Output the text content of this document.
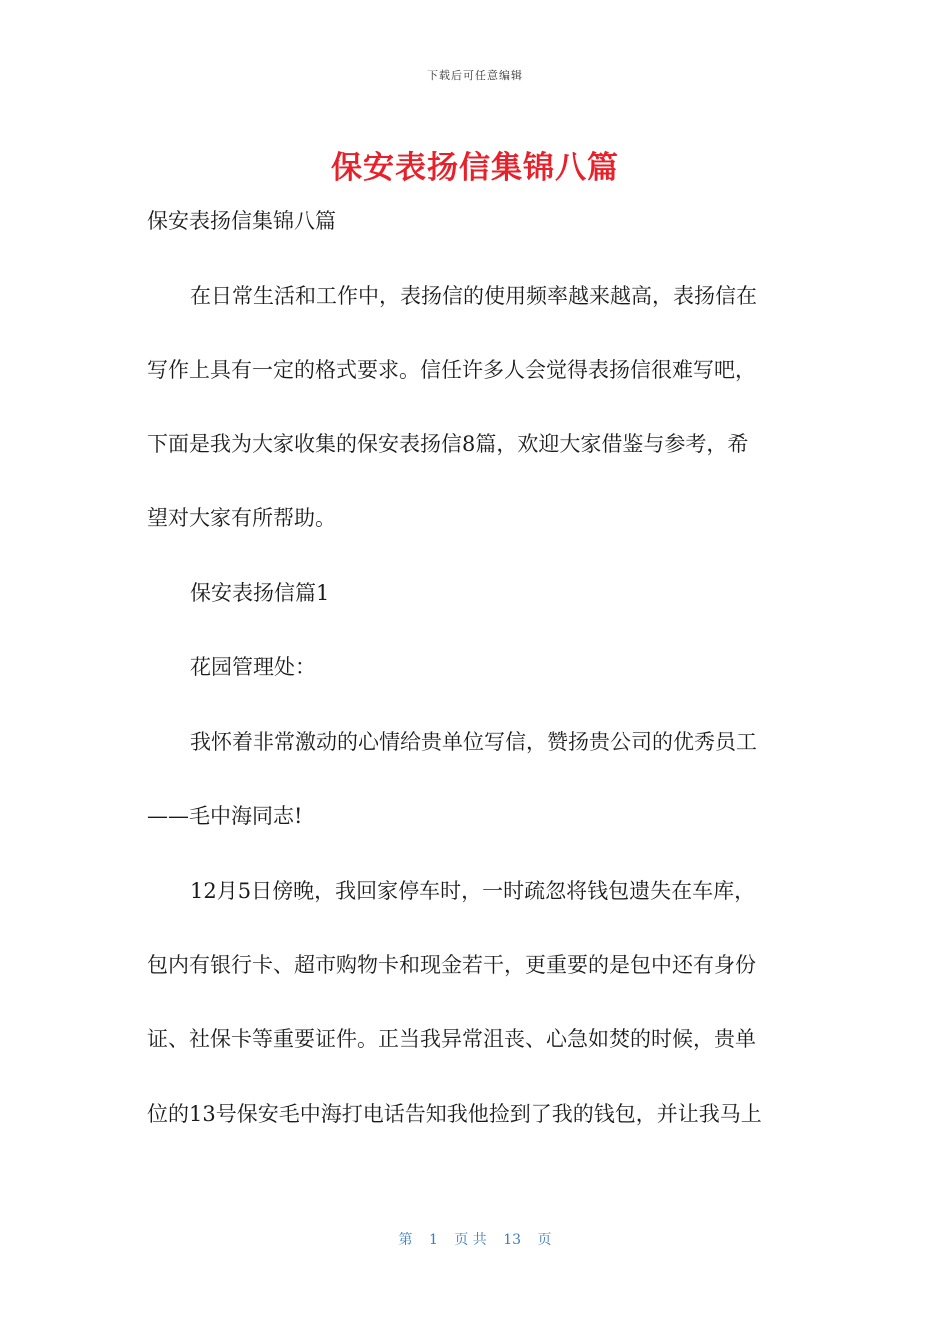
下载后可任意编辑
保安表扬信集锦八篇
保安表扬信集锦八篇
在日常生活和工作中，表扬信的使用频率越来越高，表扬信在
写作上具有一定的格式要求。信任许多人会觉得表扬信很难写吧，
下面是我为大家收集的保安表扬信8篇，欢迎大家借鉴与参考，希
望对大家有所帮助。
保安表扬信篇1
花园管理处：
我怀着非常激动的心情给贵单位写信，赞扬贵公司的优秀员工
——毛中海同志!
12月5日傍晚，我回家停车时，一时疏忽将钱包遗失在车库，
包内有银行卡、超市购物卡和现金若干，更重要的是包中还有身份
证、社保卡等重要证件。正当我异常沮丧、心急如焚的时候，贵单
位的13号保安毛中海打电话告知我他捡到了我的钱包，并让我马上
第 1 页 共 13 页
